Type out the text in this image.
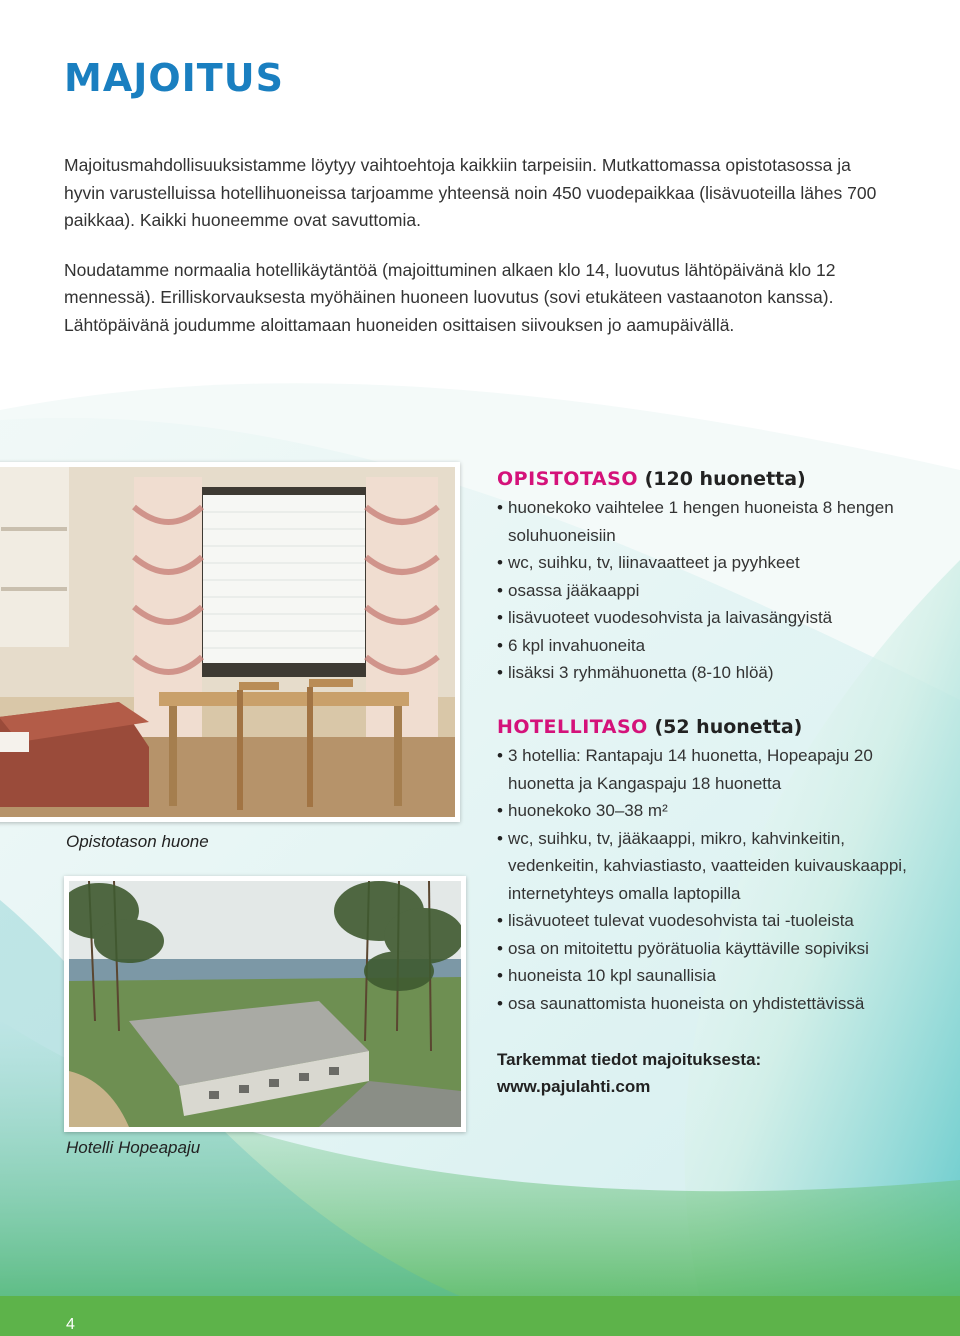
MAJOITUS

Majoitusmahdollisuuksistamme löytyy vaihtoehtoja kaikkiin tarpeisiin. Mutkattomassa opistotasossa ja hyvin varustelluissa hotellihuoneissa tarjoamme yhteensä noin 450 vuodepaikkaa (lisävuoteilla lähes 700 paikkaa). Kaikki huoneemme ovat savuttomia.

Noudatamme normaalia hotellikäytäntöä (majoittuminen alkaen klo 14, luovutus lähtöpäivänä klo 12 mennessä). Erilliskorvauksesta myöhäinen huoneen luovutus (sovi etukäteen vastaanoton kanssa). Lähtöpäivänä joudumme aloittamaan huoneiden osittaisen siivouksen jo aamupäivällä.

Opistotason huone
Hotelli Hopeapaju
OPISTOTASO (120 huonetta)
• huonekoko vaihtelee 1 hengen huoneista 8 hengen soluhuoneisiin
• wc, suihku, tv, liinavaatteet ja pyyhkeet
• osassa jääkaappi
• lisävuoteet vuodesohvista ja laivasängyistä
• 6 kpl invahuoneita
• lisäksi 3 ryhmähuonetta (8-10 hlöä)
HOTELLITASO (52 huonetta)
• 3 hotellia: Rantapaju 14 huonetta, Hopeapaju 20 huonetta ja Kangaspaju 18 huonetta
• huonekoko 30–38 m²
• wc, suihku, tv, jääkaappi, mikro, kahvinkeitin, vedenkeitin, kahviastiasto, vaatteiden kuivauskaappi, internetyhteys omalla laptopilla
• lisävuoteet tulevat vuodesohvista tai -tuoleista
• osa on mitoitettu pyörätuolia käyttäville sopiviksi
• huoneista 10 kpl saunallisia
• osa saunattomista huoneista on yhdistettävissä
Tarkemmat tiedot majoituksesta:
www.pajulahti.com
4
